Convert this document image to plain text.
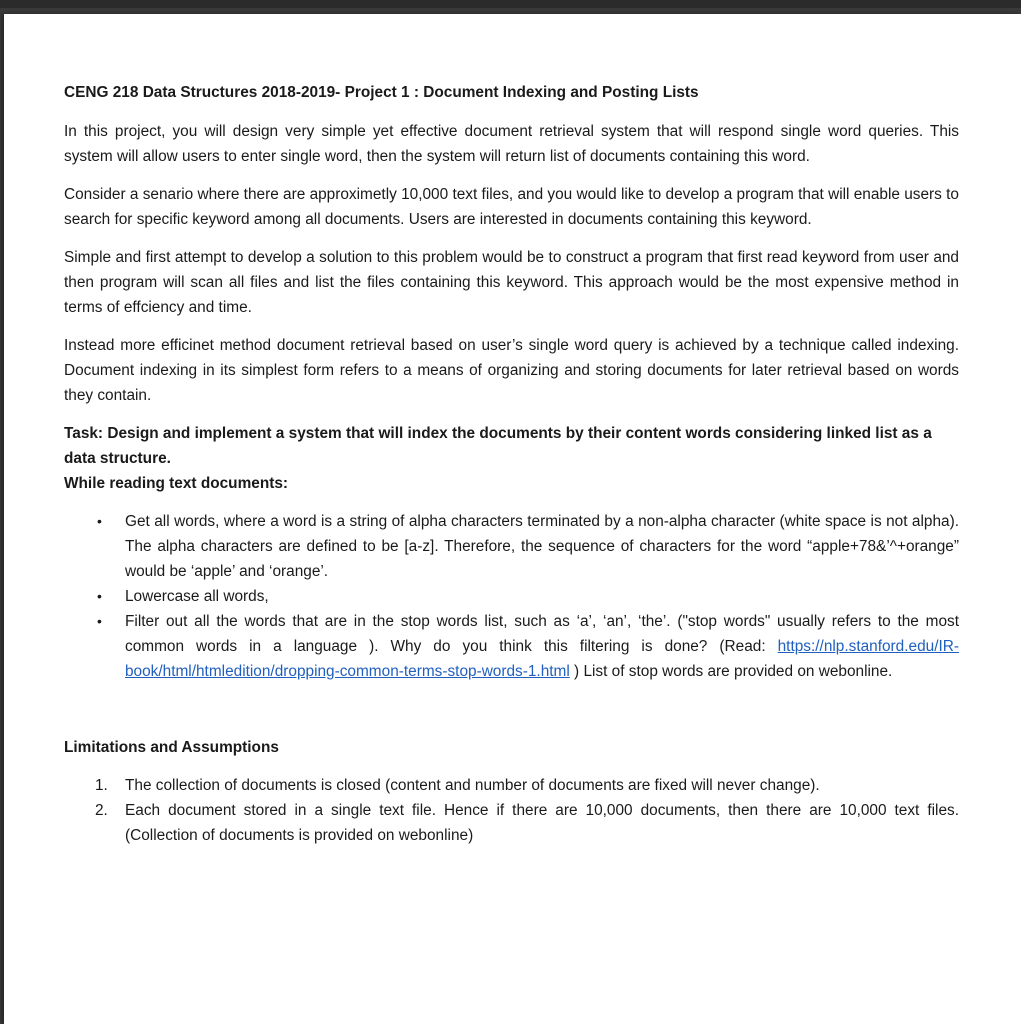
CENG 218 Data Structures 2018-2019- Project 1 : Document Indexing and Posting Lists

In this project, you will design very simple yet effective document retrieval system that will respond single word queries. This system will allow users to enter single word, then the system will return list of documents containing this word.

Consider a senario where there are approximetly 10,000 text files, and you would like to develop a program that will enable users to search for specific keyword among all documents. Users are interested in documents containing this keyword.

Simple and first attempt to develop a solution to this problem would be to construct a program that first read keyword from user and then program will scan all files and list the files containing this keyword. This approach would be the most expensive method in terms of effciency and time.

Instead more efficinet method document retrieval based on user’s single word query is achieved by a technique called indexing. Document indexing in its simplest form refers to a means of organizing and storing documents for later retrieval based on words they contain.

Task: Design and implement a system that will index the documents by their content words considering linked list as a data structure.

While reading text documents:
• Get all words, where a word is a string of alpha characters terminated by a non-alpha character (white space is not alpha). The alpha characters are defined to be [a-z]. Therefore, the sequence of characters for the word “apple+78&’^+orange” would be ‘apple’ and ‘orange’.
• Lowercase all words,
• Filter out all the words that are in the stop words list, such as ‘a’, ‘an’, ‘the’. ("stop words" usually refers to the most common words in a language ). Why do you think this filtering is done? (Read: https://nlp.stanford.edu/IR-book/html/htmledition/dropping-common-terms-stop-words-1.html ) List of stop words are provided on webonline.
Limitations and Assumptions
1. The collection of documents is closed (content and number of documents are fixed will never change).
2. Each document stored in a single text file. Hence if there are 10,000 documents, then there are 10,000 text files. (Collection of documents is provided on webonline)
